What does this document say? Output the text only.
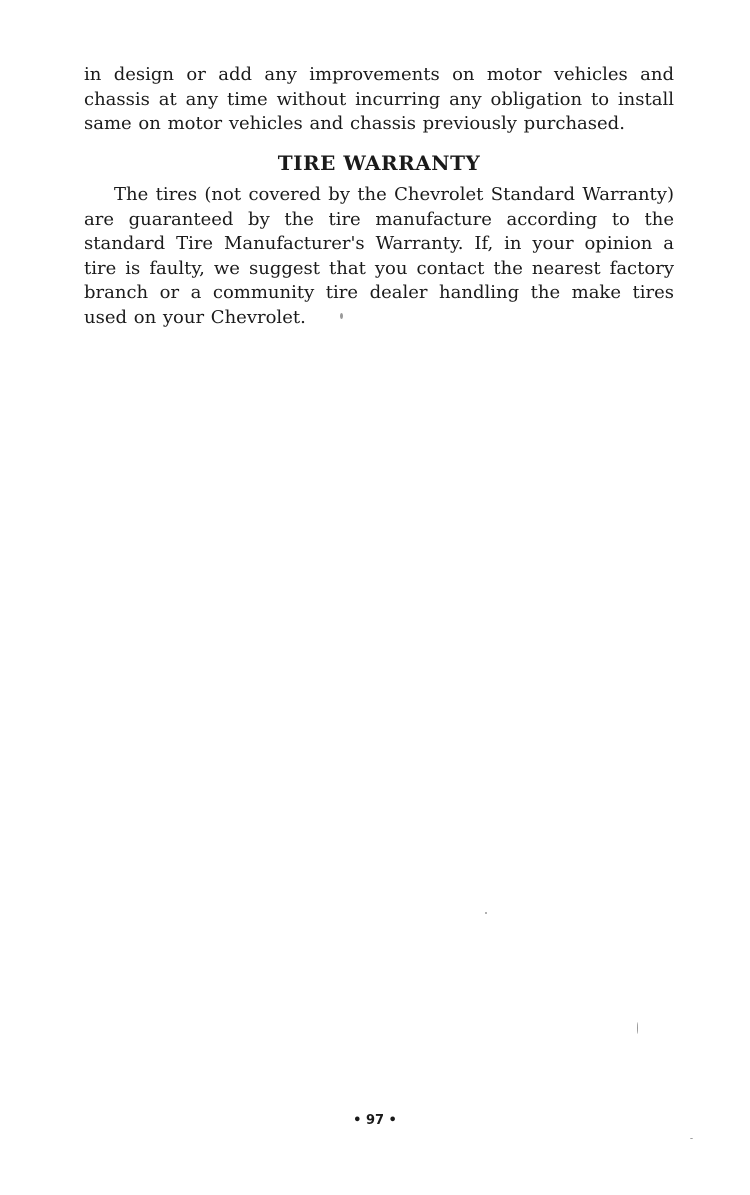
in design or add any improvements on motor vehicles and chassis at any time without incurring any obligation to install same on motor vehicles and chassis previously purchased.

TIRE WARRANTY

The tires (not covered by the Chevrolet Standard Warranty) are guaranteed by the tire manufacture according to the standard Tire Manufacturer's Warranty. If, in your opinion a tire is faulty, we suggest that you contact the nearest factory branch or a community tire dealer handling the make tires used on your Chevrolet.

• 97 •
